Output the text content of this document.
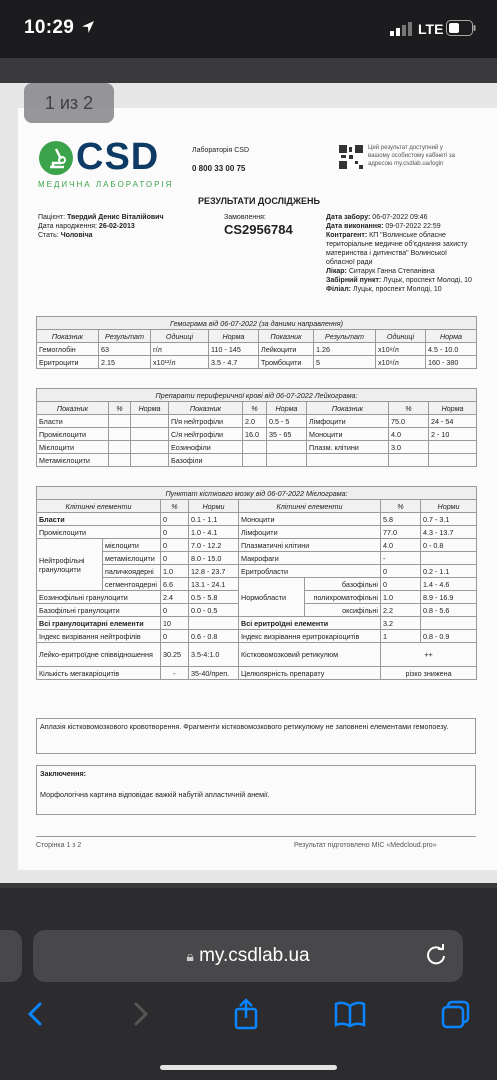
10:29	LTE
CSD
МЕДИЧНА ЛАБОРАТОРІЯ
Лабораторія CSD
0 800 33 00 75
Цей результат доступний у вашому особистому кабінеті за адресою my.csdlab.ua/login
РЕЗУЛЬТАТИ ДОСЛІДЖЕНЬ
Пацієнт: Твердий Денис Віталійович
Дата народження: 26-02-2013
Стать: Чоловіча
Замовлення:
CS2956784
Дата забору: 06-07-2022 09:46
Дата виконання: 09-07-2022 22:59
Контрагент: КП "Волинське обласне територіальне медичне об'єднання захисту материнства і дитинства" Волинської обласної ради
Лікар: Ситарук Ганна Степанівна
Забірний пункт: Луцьк, проспект Молоді, 10
Філіал: Луцьк, проспект Молоді, 10
Гемограма від 06-07-2022 (за даними направлення)							
Показник	Результат	Одиниці	Норма	Показник	Результат	Одиниці	Норма
Гемоглобін	63	г/л	110 - 145	Лейкоцити	1.26	x10⁹/л	4.5 - 10.0
Еритроцити	2.15	x10¹²/л	3.5 - 4.7	Тромбоцити	5	x10⁹/л	160 - 380
Препарати периферичної крові від 06-07-2022 Лейкограма:								
Показник	%	Норма	Показник	%	Норма	Показник	%	Норма
Бласти			П/я нейтрофіли	2.0	0.5 - 5	Лімфоцити	75.0	24 - 54
Промієлоцити			С/я нейтрофіли	16.0	35 - 65	Моноцити	4.0	2 - 10
Мієлоцити			Еозинофіли			Плазм. клітини	3.0	
Метамієлоцити			Базофіли					
Пунктат кістковго мозку від 06-07-2022 Мієлограма:							
Клітинні елементи		%	Норми	Клітинні елементи		%	Норми
Бласти		0	0.1 - 1.1	Моноцити		5.8	0.7 - 3.1
Промієлоцити		0	1.0 - 4.1	Лімфоцити		77.0	4.3 - 13.7
Нейтрофільні гранулоцити	мієлоцити	0	7.0 - 12.2	Плазматичні клітини		4.0	0 - 0.8
	метамієлоцити	0	8.0 - 15.0	Макрофаги		-	
	паличкоядерні	1.0	12.8 - 23.7	Еритробласти		0	0.2 - 1.1
	сегментоядерні	6.6	13.1 - 24.1	Нормобласти	базофільні	0	1.4 - 4.6
Еозинофільні гранулоцити		2.4	0.5 - 5.8		полихроматофільні	1.0	8.9 - 16.9
Базофільні гранулоцити		0	0.0 - 0.5		оксифільні	2.2	0.8 - 5.6
Всі гранулоцитарні елементи		10		Всі еритроїдні елементи		3.2	
Індекс визрівання нейтрофілів		0	0.6 - 0.8	Індекс визрівання еритрокаріоцитів		1	0.8 - 0.9
Лейко-еритроїдне співвідношення		30.25	3.5-4:1.0	Кістковомозковий ретикулюм		++	
Кількість мегакаріоцитів		-	35-40/преп.	Целюлярність препарату		різко знижена	
Аплазія кістковомозкового кровотворення. Фрагменти кістковомозкового ретикулюму не заповнені елементами гемопоезу.
Заключення:
Морфологічна картина відповідає важкій набутій апластичній анемії.
Сторінка 1 з 2	Результат підготовлено МІС «Medcloud.pro»
1 из 2
🔒︎ my.csdlab.ua
